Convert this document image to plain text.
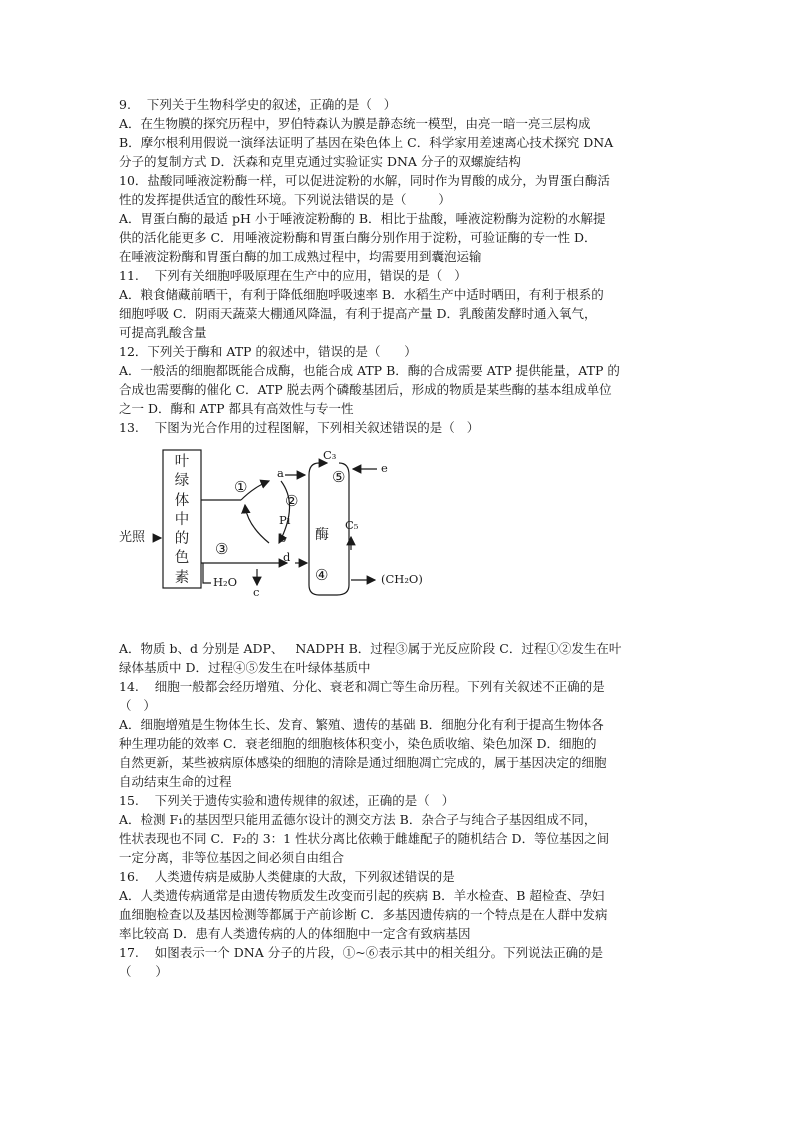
9.    下列关于生物科学史的叙述，正确的是（   ）
A．在生物膜的探究历程中，罗伯特森认为膜是静态统一模型，由亮一暗一亮三层构成
B．摩尔根利用假说一演绎法证明了基因在染色体上 C．科学家用差速离心技术探究 DNA
分子的复制方式 D．沃森和克里克通过实验证实 DNA 分子的双螺旋结构
10．盐酸同唾液淀粉酶一样，可以促进淀粉的水解，同时作为胃酸的成分，为胃蛋白酶活
性的发挥提供适宜的酸性环境。下列说法错误的是（        ）
A．胃蛋白酶的最适 pH 小于唾液淀粉酶的 B．相比于盐酸，唾液淀粉酶为淀粉的水解提
供的活化能更多 C．用唾液淀粉酶和胃蛋白酶分别作用于淀粉，可验证酶的专一性 D．
在唾液淀粉酶和胃蛋白酶的加工成熟过程中，均需要用到囊泡运输
11.    下列有关细胞呼吸原理在生产中的应用，错误的是（   ）
A．粮食储藏前晒干，有利于降低细胞呼吸速率 B．水稻生产中适时晒田，有利于根系的
细胞呼吸 C．阴雨天蔬菜大棚通风降温，有利于提高产量 D．乳酸菌发酵时通入氧气，
可提高乳酸含量
12．下列关于酶和 ATP 的叙述中，错误的是（      ）
A．一般活的细胞都既能合成酶，也能合成 ATP B．酶的合成需要 ATP 提供能量，ATP 的
合成也需要酶的催化 C．ATP 脱去两个磷酸基团后，形成的物质是某些酶的基本组成单位
之一 D．酶和 ATP 都具有高效性与专一性
13.    下图为光合作用的过程图解，下列相关叙述错误的是（   ）
光照
叶
绿
体
中
的
色
素
①
a
②
Pi
b
③	d
H₂O
c
C₃
⑤	e
酶
C₅
④	(CH₂O)
A．物质 b、d 分别是 ADP、   NADPH B．过程③属于光反应阶段 C．过程①②发生在叶
绿体基质中 D．过程④⑤发生在叶绿体基质中
14.    细胞一般都会经历增殖、分化、衰老和凋亡等生命历程。下列有关叙述不正确的是
（   ）
A．细胞增殖是生物体生长、发育、繁殖、遗传的基础 B．细胞分化有利于提高生物体各
种生理功能的效率 C．衰老细胞的细胞核体积变小，染色质收缩、染色加深 D．细胞的
自然更新，某些被病原体感染的细胞的清除是通过细胞凋亡完成的，属于基因决定的细胞
自动结束生命的过程
15.    下列关于遗传实验和遗传规律的叙述，正确的是（   ）
A．检测 F₁的基因型只能用孟德尔设计的测交方法 B．杂合子与纯合子基因组成不同，
性状表现也不同 C．F₂的 3：1 性状分离比依赖于雌雄配子的随机结合 D．等位基因之间
一定分离，非等位基因之间必须自由组合
16.    人类遗传病是威胁人类健康的大敌，下列叙述错误的是
A．人类遗传病通常是由遗传物质发生改变而引起的疾病 B．羊水检查、B 超检查、孕妇
血细胞检查以及基因检测等都属于产前诊断 C．多基因遗传病的一个特点是在人群中发病
率比较高 D．患有人类遗传病的人的体细胞中一定含有致病基因
17.    如图表示一个 DNA 分子的片段，①~⑥表示其中的相关组分。下列说法正确的是
（      ）
